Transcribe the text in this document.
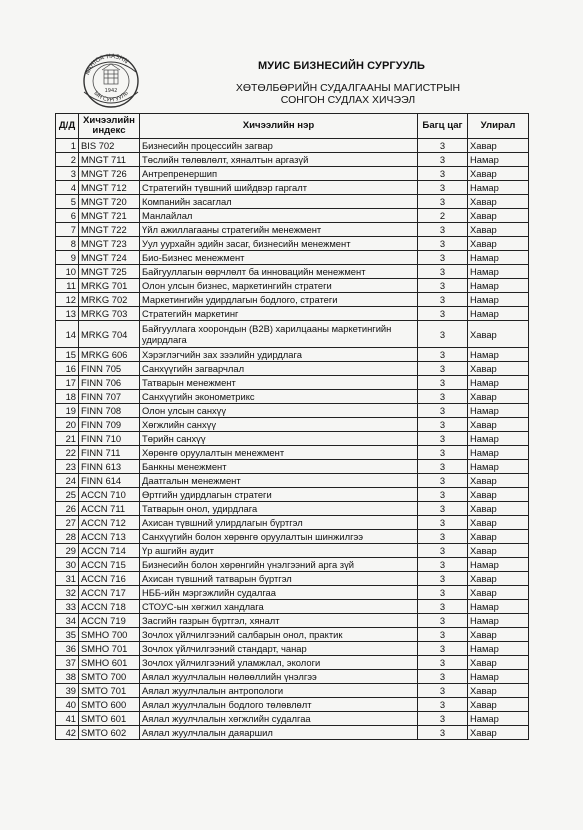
NAHIOA HASHN
ЫН СУРГУУЛЬ
1942
МУИС БИЗНЕСИЙН СУРГУУЛЬ
ХӨТӨЛБӨРИЙН СУДАЛГААНЫ МАГИСТРЫН
СОНГОН СУДЛАХ ХИЧЭЭЛ
Д/Д	Хичээлийн индекс	Хичээлийн нэр	Багц цаг	Улирал
1	BIS 702	Бизнесийн процессийн загвар	3	Хавар
2	MNGT 711	Төслийн төлөвлөлт, хяналтын аргазүй	3	Намар
3	MNGT 726	Антрепренершип	3	Хавар
4	MNGT 712	Стратегийн түвшний шийдвэр гаргалт	3	Намар
5	MNGT 720	Компанийн засаглал	3	Хавар
6	MNGT 721	Манлайлал	2	Хавар
7	MNGT 722	Үйл ажиллагааны стратегийн менежмент	3	Хавар
8	MNGT 723	Уул уурхайн эдийн засаг, бизнесийн менежмент	3	Хавар
9	MNGT 724	Био-Бизнес менежмент	3	Намар
10	MNGT 725	Байгууллагын өөрчлөлт ба инновацийн менежмент	3	Намар
11	MRKG 701	Олон улсын бизнес, маркетингийн стратеги	3	Намар
12	MRKG 702	Маркетингийн удирдлагын бодлого, стратеги	3	Намар
13	MRKG 703	Стратегийн маркетинг	3	Намар
14	MRKG 704	Байгууллага хоорондын (B2B) харилцааны маркетингийн удирдлага	3	Хавар
15	MRKG 606	Хэрэглэгчийн зах зээлийн удирдлага	3	Намар
16	FINN 705	Санхүүгийн загварчлал	3	Хавар
17	FINN 706	Татварын менежмент	3	Намар
18	FINN 707	Санхүүгийн эконометрикс	3	Хавар
19	FINN 708	Олон улсын санхүү	3	Намар
20	FINN 709	Хөгжлийн санхүү	3	Хавар
21	FINN 710	Төрийн санхүү	3	Намар
22	FINN 711	Хөрөнгө оруулалтын менежмент	3	Намар
23	FINN 613	Банкны менежмент	3	Намар
24	FINN 614	Даатгалын менежмент	3	Хавар
25	ACCN 710	Өртгийн удирдлагын стратеги	3	Хавар
26	ACCN 711	Татварын онол, удирдлага	3	Хавар
27	ACCN 712	Ахисан түвшний улирдлагын бүртгэл	3	Хавар
28	ACCN 713	Санхүүгийн болон хөрөнгө оруулалтын шинжилгээ	3	Хавар
29	ACCN 714	Үр ашгийн аудит	3	Хавар
30	ACCN 715	Бизнесийн болон хөрөнгийн үнэлгээний арга зүй	3	Намар
31	ACCN 716	Ахисан түвшний татварын бүртгэл	3	Хавар
32	ACCN 717	НББ-ийн мэргэжлийн судалгаа	3	Хавар
33	ACCN 718	СТОУС-ын хөгжил хандлага	3	Намар
34	ACCN 719	Засгийн газрын бүртгэл, хяналт	3	Намар
35	SMHO 700	Зочлох үйлчилгээний салбарын онол, практик	3	Хавар
36	SMHO 701	Зочлох үйлчилгээний стандарт, чанар	3	Намар
37	SMHO 601	Зочлох үйлчилгээний уламжлал, экологи	3	Хавар
38	SMTO 700	Аялал жуулчлалын нөлөөллийн үнэлгээ	3	Намар
39	SMTO 701	Аялал жуулчлалын антропологи	3	Хавар
40	SMTO 600	Аялал жуулчлалын бодлого төлөвлөлт	3	Хавар
41	SMTO 601	Аялал жуулчлалын хөгжлийн судалгаа	3	Намар
42	SMTO 602	Аялал жуулчлалын даяаршил	3	Хавар
